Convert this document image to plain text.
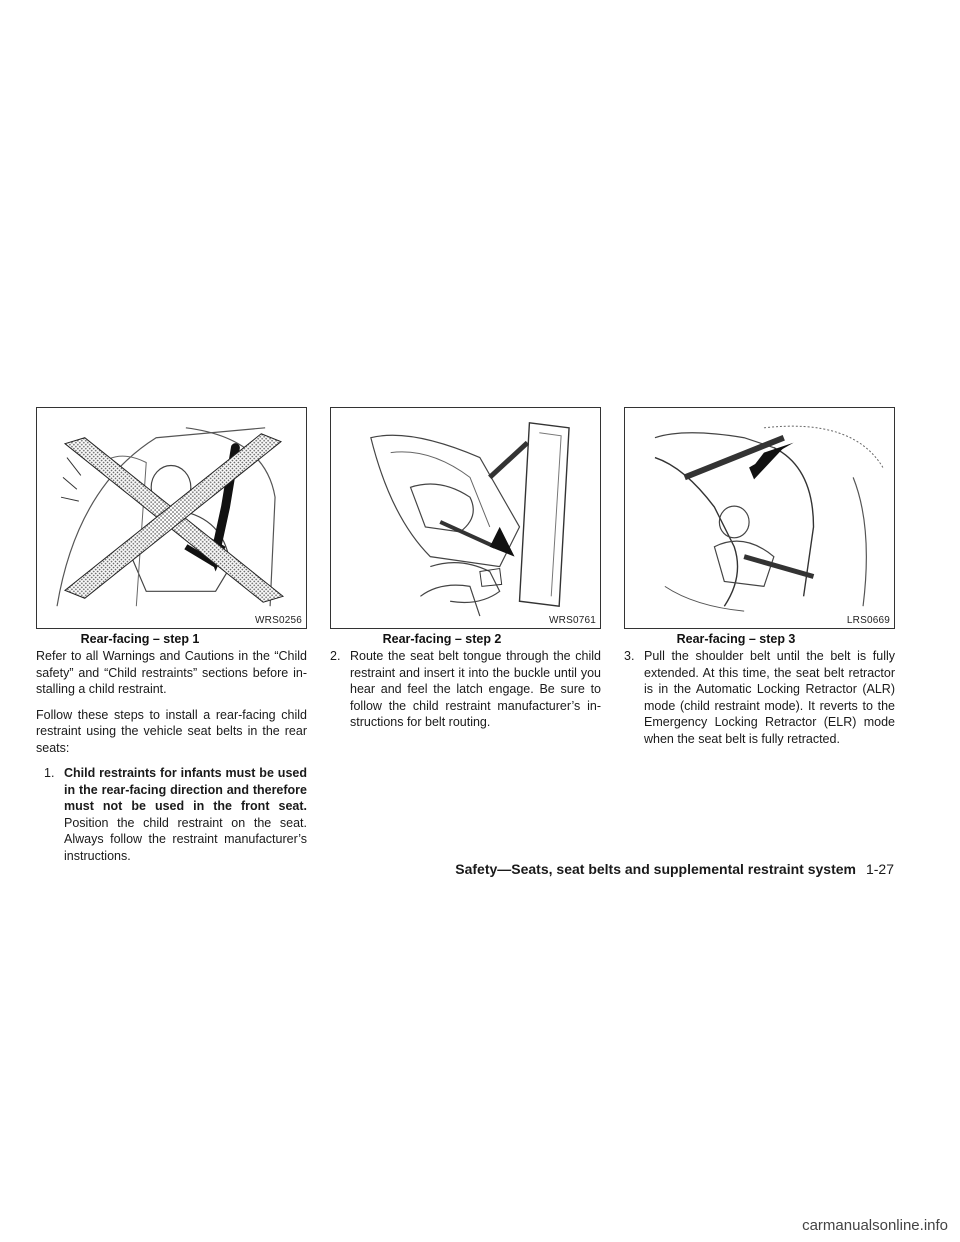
WRS0256	WRS0761	LRS0669
Rear-facing – step 1	Rear-facing – step 2	Rear-facing – step 3

Refer to all Warnings and Cautions in the “Child safety” and “Child restraints” sections before in-stalling a child restraint.

Follow these steps to install a rear-facing child restraint using the vehicle seat belts in the rear seats:

1. Child restraints for infants must be used in the rear-facing direction and therefore must not be used in the front seat. Position the child restraint on the seat. Always follow the restraint manufacturer’s instructions.
2. Route the seat belt tongue through the child restraint and insert it into the buckle until you hear and feel the latch engage. Be sure to follow the child restraint manufacturer’s in-structions for belt routing.
3. Pull the shoulder belt until the belt is fully extended. At this time, the seat belt retractor is in the Automatic Locking Retractor (ALR) mode (child restraint mode). It reverts to the Emergency Locking Retractor (ELR) mode when the seat belt is fully retracted.
Safety—Seats, seat belts and supplemental restraint system 1-27
carmanualsonline.info
